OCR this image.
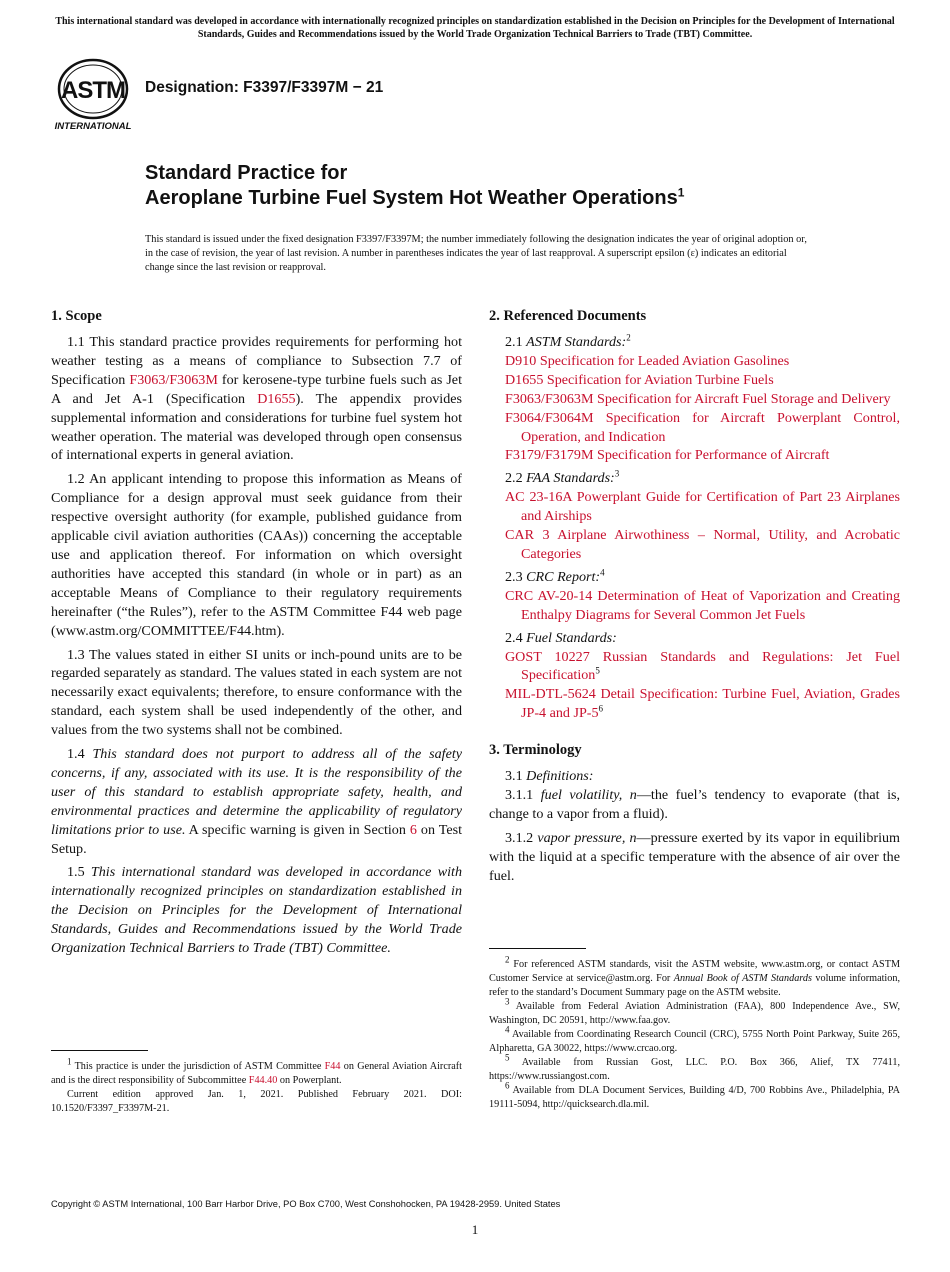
This international standard was developed in accordance with internationally recognized principles on standardization established in the Decision on Principles for the Development of International Standards, Guides and Recommendations issued by the World Trade Organization Technical Barriers to Trade (TBT) Committee.
ASTM
INTERNATIONAL
Designation: F3397/F3397M − 21
Standard Practice for
Aeroplane Turbine Fuel System Hot Weather Operations$^1$
This standard is issued under the fixed designation F3397/F3397M; the number immediately following the designation indicates the year of original adoption or, in the case of revision, the year of last revision. A number in parentheses indicates the year of last reapproval. A superscript epsilon (ε) indicates an editorial change since the last revision or reapproval.
1. Scope

1.1 This standard practice provides requirements for performing hot weather testing as a means of compliance to Subsection 7.7 of Specification F3063/F3063M for kerosene-type turbine fuels such as Jet A and Jet A-1 (Specification D1655). The appendix provides supplemental information and considerations for turbine fuel system hot weather operation. The material was developed through open consensus of international experts in general aviation.

1.2 An applicant intending to propose this information as Means of Compliance for a design approval must seek guidance from their respective oversight authority (for example, published guidance from applicable civil aviation authorities (CAAs)) concerning the acceptable use and application thereof. For information on which oversight authorities have accepted this standard (in whole or in part) as an acceptable Means of Compliance to their regulatory requirements hereinafter (“the Rules”), refer to the ASTM Committee F44 web page (www.astm.org/COMMITTEE/F44.htm).

1.3 The values stated in either SI units or inch-pound units are to be regarded separately as standard. The values stated in each system are not necessarily exact equivalents; therefore, to ensure conformance with the standard, each system shall be used independently of the other, and values from the two systems shall not be combined.

1.4 This standard does not purport to address all of the safety concerns, if any, associated with its use. It is the responsibility of the user of this standard to establish appropriate safety, health, and environmental practices and determine the applicability of regulatory limitations prior to use. A specific warning is given in Section 6 on Test Setup.

1.5 This international standard was developed in accordance with internationally recognized principles on standardization established in the Decision on Principles for the Development of International Standards, Guides and Recommendations issued by the World Trade Organization Technical Barriers to Trade (TBT) Committee.

2. Referenced Documents
2.1 ASTM Standards:$^2$

D910 Specification for Leaded Aviation Gasolines

D1655 Specification for Aviation Turbine Fuels

F3063/F3063M Specification for Aircraft Fuel Storage and Delivery

F3064/F3064M Specification for Aircraft Powerplant Control, Operation, and Indication

F3179/F3179M Specification for Performance of Aircraft

2.2 FAA Standards:$^3$

AC 23-16A Powerplant Guide for Certification of Part 23 Airplanes and Airships

CAR 3 Airplane Airwothiness – Normal, Utility, and Acrobatic Categories

2.3 CRC Report:$^4$

CRC AV-20-14 Determination of Heat of Vaporization and Creating Enthalpy Diagrams for Several Common Jet Fuels

2.4 Fuel Standards:

GOST 10227 Russian Standards and Regulations: Jet Fuel Specification$^5$

MIL-DTL-5624 Detail Specification: Turbine Fuel, Aviation, Grades JP-4 and $JP-5^6$

3. Terminology
3.1 Definitions:

3.1.1 fuel volatility, n—the fuel’s tendency to evaporate (that is, change to a vapor from a fluid).

3.1.2 vapor pressure, n—pressure exerted by its vapor in equilibrium with the liquid at a specific temperature with the absence of air over the fuel.

$^1$ This practice is under the jurisdiction of ASTM Committee F44 on General Aviation Aircraft and is the direct responsibility of Subcommittee F44.40 on Powerplant.

Current edition approved Jan. 1, 2021. Published February 2021. DOI: 10.1520/F3397_F3397M-21.

$^2$ For referenced ASTM standards, visit the ASTM website, www.astm.org, or contact ASTM Customer Service at service@astm.org. For Annual Book of ASTM Standards volume information, refer to the standard’s Document Summary page on the ASTM website.

$^3$ Available from Federal Aviation Administration (FAA), 800 Independence Ave., SW, Washington, DC 20591, http://www.faa.gov.

$^4$ Available from Coordinating Research Council (CRC), 5755 North Point Parkway, Suite 265, Alpharetta, GA 30022, https://www.crcao.org.

$^5$ Available from Russian Gost, LLC. P.O. Box 366, Alief, TX 77411, https://www.russiangost.com.

$^6$ Available from DLA Document Services, Building 4/D, 700 Robbins Ave., Philadelphia, PA 19111-5094, http://quicksearch.dla.mil.

Copyright © ASTM International, 100 Barr Harbor Drive, PO Box C700, West Conshohocken, PA 19428-2959. United States
1
